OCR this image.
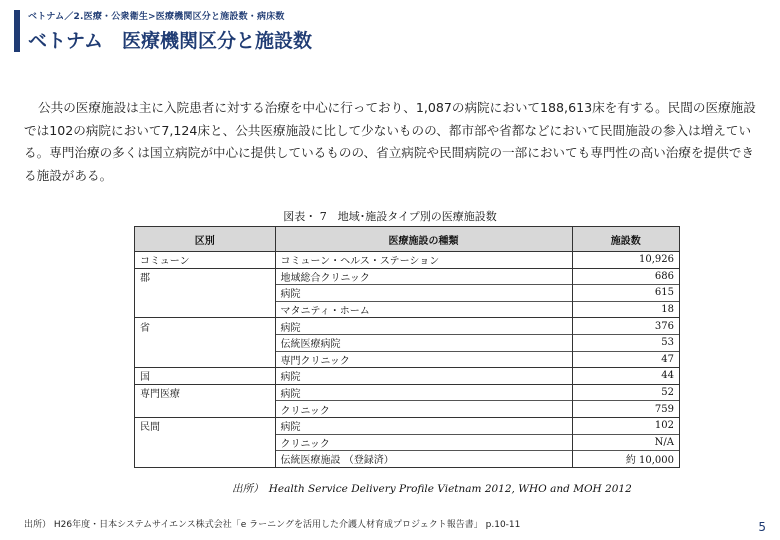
ベトナム／2.医療・公衆衛生>医療機関区分と施設数・病床数
ベトナム　医療機関区分と施設数
公共の医療施設は主に入院患者に対する治療を中心に行っており、1,087の病院において188,613床を有する。民間の医療施設では102の病院において7,124床と、公共医療施設に比して少ないものの、都市部や省都などにおいて民間施設の参入は増えている。専門治療の多くは国立病院が中心に提供しているものの、省立病院や民間病院の一部においても専門性の高い治療を提供できる施設がある。
図表・ 7　地域･施設タイプ別の医療施設数
区別	医療施設の種類	施設数
コミューン	コミューン・ヘルス・ステーション	10,926
郡	地域総合クリニック	686
	病院	615
	マタニティ・ホーム	18
省	病院	376
	伝統医療病院	53
	専門クリニック	47
国	病院	44
専門医療	病院	52
	クリニック	759
民間	病院	102
	クリニック	N/A
	伝統医療施設 （登録済）	約 10,000
出所）　Health Service Delivery Profile Vietnam 2012, WHO and MOH 2012
出所） H26年度・日本システムサイエンス株式会社「e ラーニングを活用した介護人材育成プロジェクト報告書」 p.10-11	5
